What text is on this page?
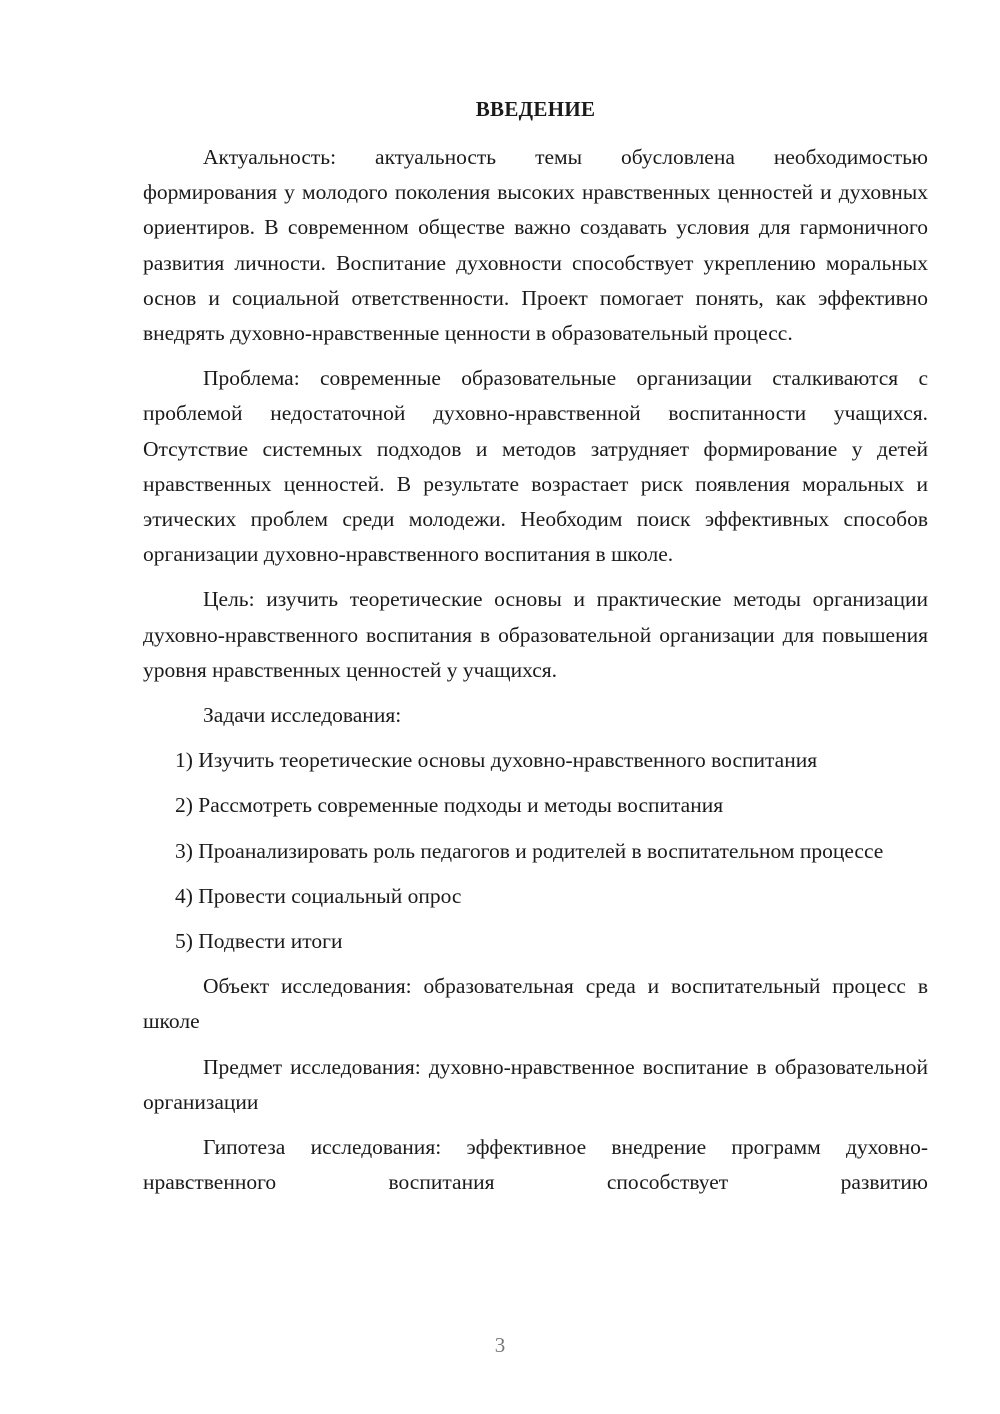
ВВЕДЕНИЕ

Актуальность: актуальность темы обусловлена необходимостью формирования у молодого поколения высоких нравственных ценностей и духовных ориентиров. В современном обществе важно создавать условия для гармоничного развития личности. Воспитание духовности способствует укреплению моральных основ и социальной ответственности. Проект помогает понять, как эффективно внедрять духовно-нравственные ценности в образовательный процесс.

Проблема: современные образовательные организации сталкиваются с проблемой недостаточной духовно-нравственной воспитанности учащихся. Отсутствие системных подходов и методов затрудняет формирование у детей нравственных ценностей. В результате возрастает риск появления моральных и этических проблем среди молодежи. Необходим поиск эффективных способов организации духовно-нравственного воспитания в школе.

Цель: изучить теоретические основы и практические методы организации духовно-нравственного воспитания в образовательной организации для повышения уровня нравственных ценностей у учащихся.

Задачи исследования:

1) Изучить теоретические основы духовно-нравственного воспитания

2) Рассмотреть современные подходы и методы воспитания

3) Проанализировать роль педагогов и родителей в воспитательном процессе

4) Провести социальный опрос

5) Подвести итоги

Объект исследования: образовательная среда и воспитательный процесс в школе

Предмет исследования: духовно-нравственное воспитание в образовательной организации

Гипотеза исследования: эффективное внедрение программ духовно-нравственного воспитания способствует развитию

3
